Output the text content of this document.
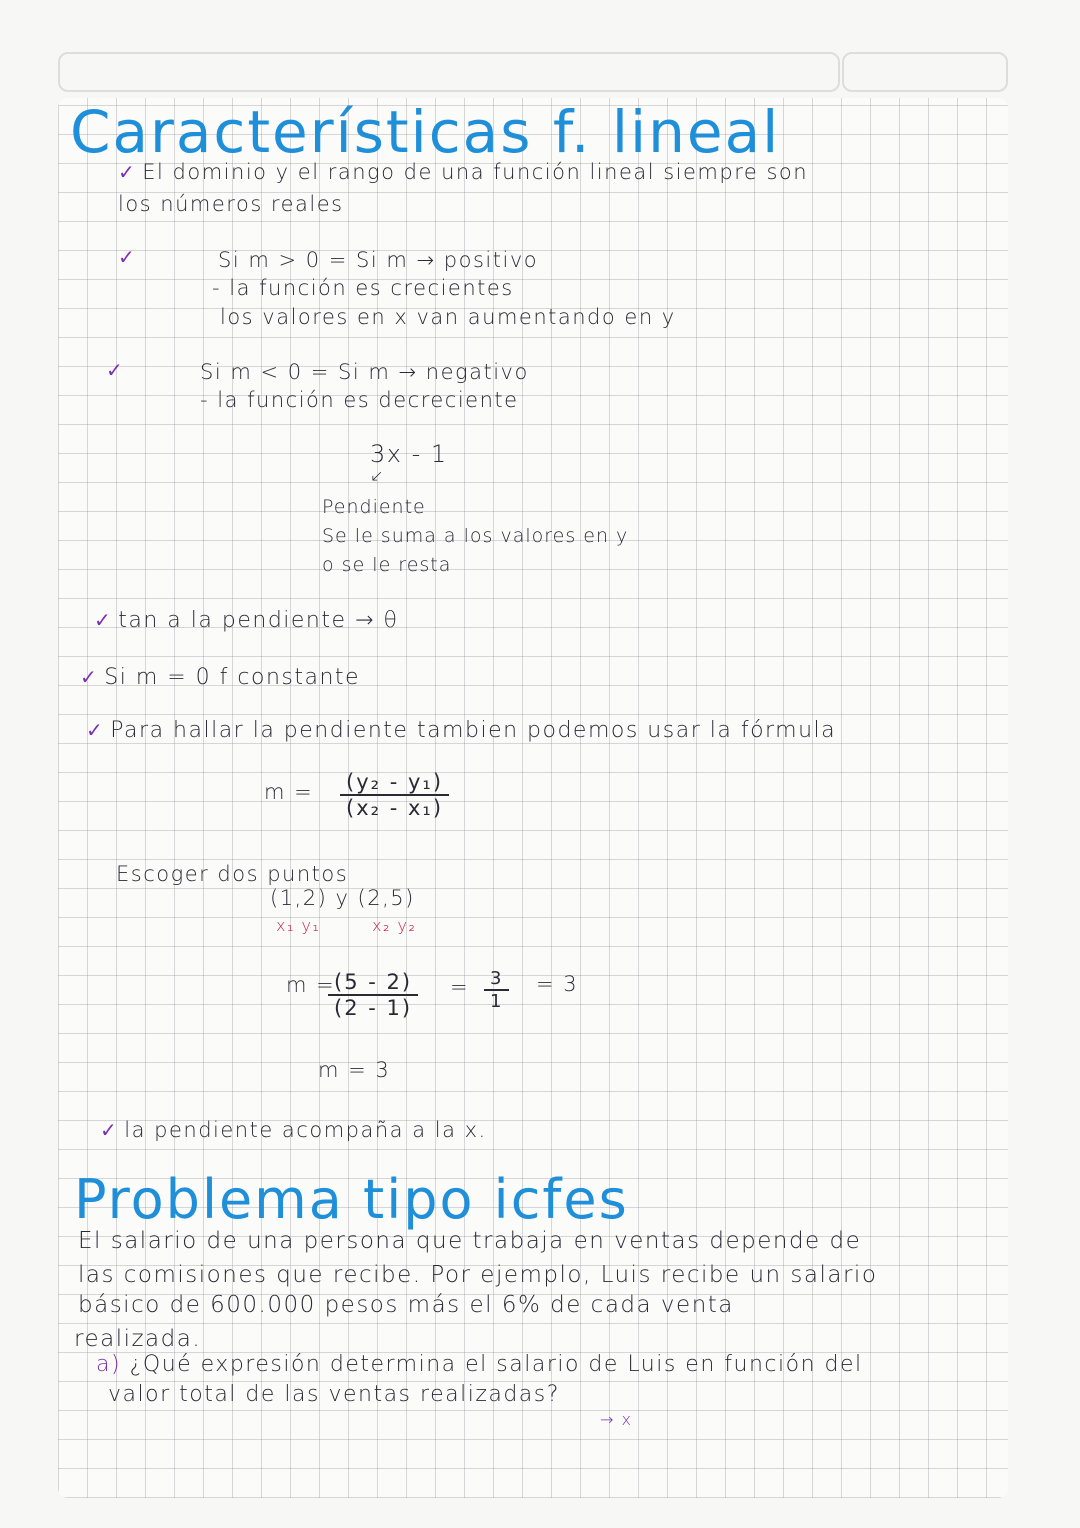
Características f. lineal
✓ El dominio y el rango de una función lineal siempre son
los números reales
✓	Si m > 0 = Si m → positivo
- la función es crecientes
los valores en x van aumentando en y
✓	Si m < 0 = Si m → negativo
- la función es decreciente
3x - 1
↙
Pendiente
Se le suma a los valores en y
o se le resta
✓ tan a la pendiente → θ
✓ Si m = 0 f constante
✓ Para hallar la pendiente tambien podemos usar la fórmula
$m = \frac{\text{(y₂ - y₁)}}{\text{(x₂ - x₁)}}$
Escoger dos puntos
(1,2) y (2,5)
x₁ y₁	x₂ y₂
m =
$\frac{(5 - 2)}{(2 - 1)} = \frac{3}{1} = 3$
m = 3
✓ la pendiente acompaña a la x.
Problema tipo icfes
El salario de una persona que trabaja en ventas depende de
las comisiones que recibe. Por ejemplo, Luis recibe un salario
básico de 600.000 pesos más el 6% de cada venta
realizada.
a) ¿Qué expresión determina el salario de Luis en función del
valor total de las ventas realizadas?
→ x
